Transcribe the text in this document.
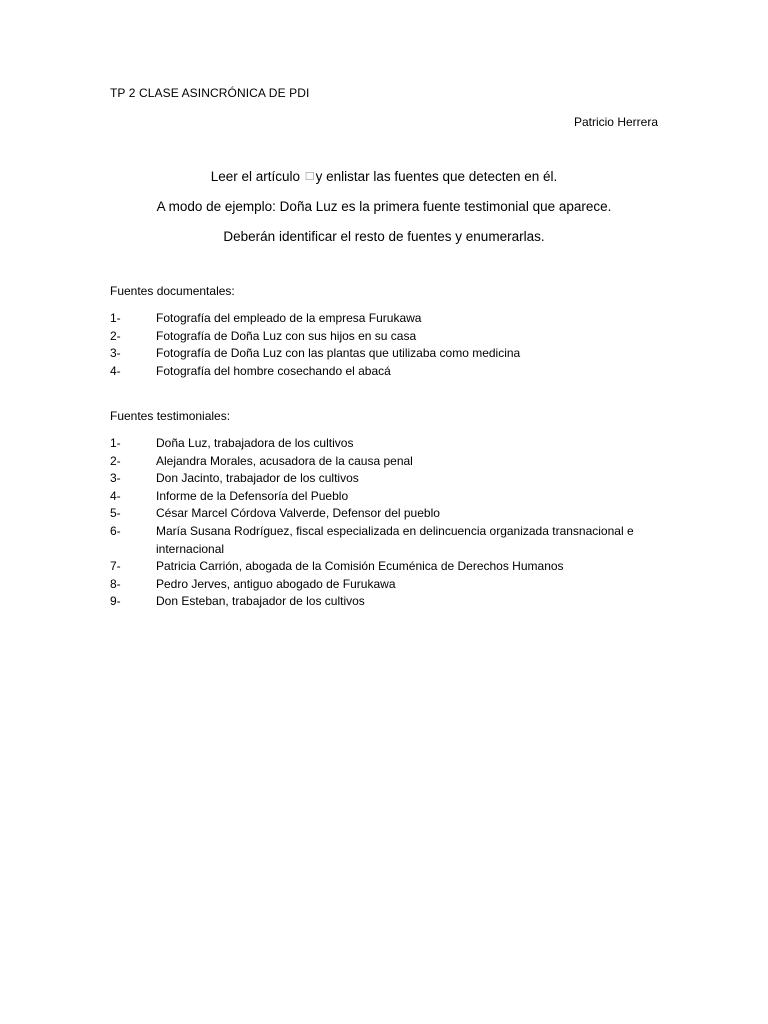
TP 2 CLASE ASINCRÓNICA DE PDI
Patricio Herrera
Leer el artículo ☐y enlistar las fuentes que detecten en él.
A modo de ejemplo: Doña Luz es la primera fuente testimonial que aparece.
Deberán identificar el resto de fuentes y enumerarlas.
Fuentes documentales:
1-	Fotografía del empleado de la empresa Furukawa
2-	Fotografía de Doña Luz con sus hijos en su casa
3-	Fotografía de Doña Luz con las plantas que utilizaba como medicina
4-	Fotografía del hombre cosechando el abacá
Fuentes testimoniales:
1-	Doña Luz, trabajadora de los cultivos
2-	Alejandra Morales, acusadora de la causa penal
3-	Don Jacinto, trabajador de los cultivos
4-	Informe de la Defensoría del Pueblo
5-	César Marcel Córdova Valverde, Defensor del pueblo
6-	María Susana Rodríguez, fiscal especializada en delincuencia organizada transnacional e internacional
7-	Patricia Carrión, abogada de la Comisión Ecuménica de Derechos Humanos
8-	Pedro Jerves, antiguo abogado de Furukawa
9-	Don Esteban, trabajador de los cultivos
